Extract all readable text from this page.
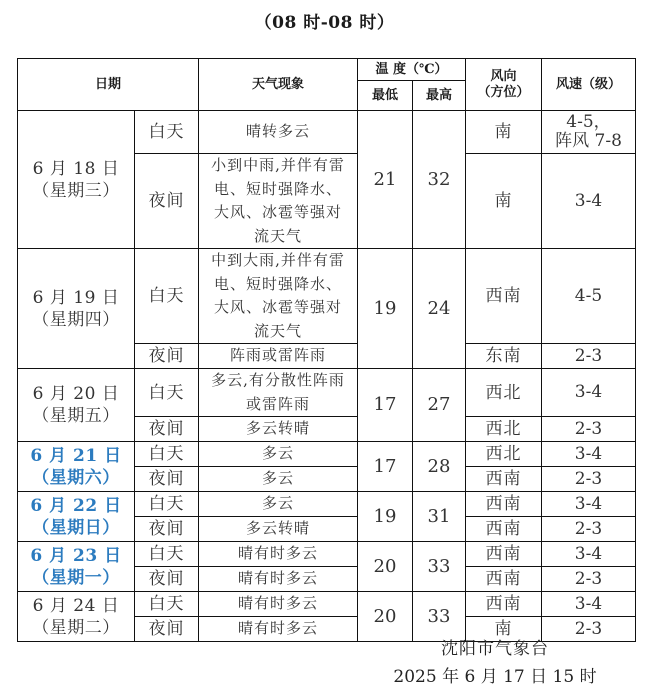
（08 时-08 时）
日期		天气现象	温 度（℃）		风向
（方位）	风速（级）
			最低	最高		

6 月 18 日
（星期三）
	白天	晴转多云	21	32	南	4-5，
阵风 7-8

	夜间	小到中雨,并伴有雷电、短时强降水、大风、冰雹等强对流天气			南	3-4

6 月 19 日
（星期四）	白天	中到大雨,并伴有雷电、短时强降水、大风、冰雹等强对流天气	19	24	西南	4-5
	夜间	阵雨或雷阵雨			东南	2-3

6 月 20 日
（星期五）	白天	多云,有分散性阵雨或雷阵雨	17	27	西北	3-4
	夜间	多云转晴			西北	2-3

6 月 21 日
（星期六）	白天	多云	17	28	西北	3-4
	夜间	多云			西南	2-3

6 月 22 日
（星期日）	白天	多云	19	31	西南	3-4
	夜间	多云转晴			西南	2-3

6 月 23 日
（星期一）	白天	晴有时多云	20	33	西南	3-4
	夜间	晴有时多云			西南	2-3

6 月 24 日
（星期二）	白天	晴有时多云	20	33	西南	3-4
	夜间	晴有时多云			南	2-3
沈阳市气象台
2025 年 6 月 17 日 15 时
